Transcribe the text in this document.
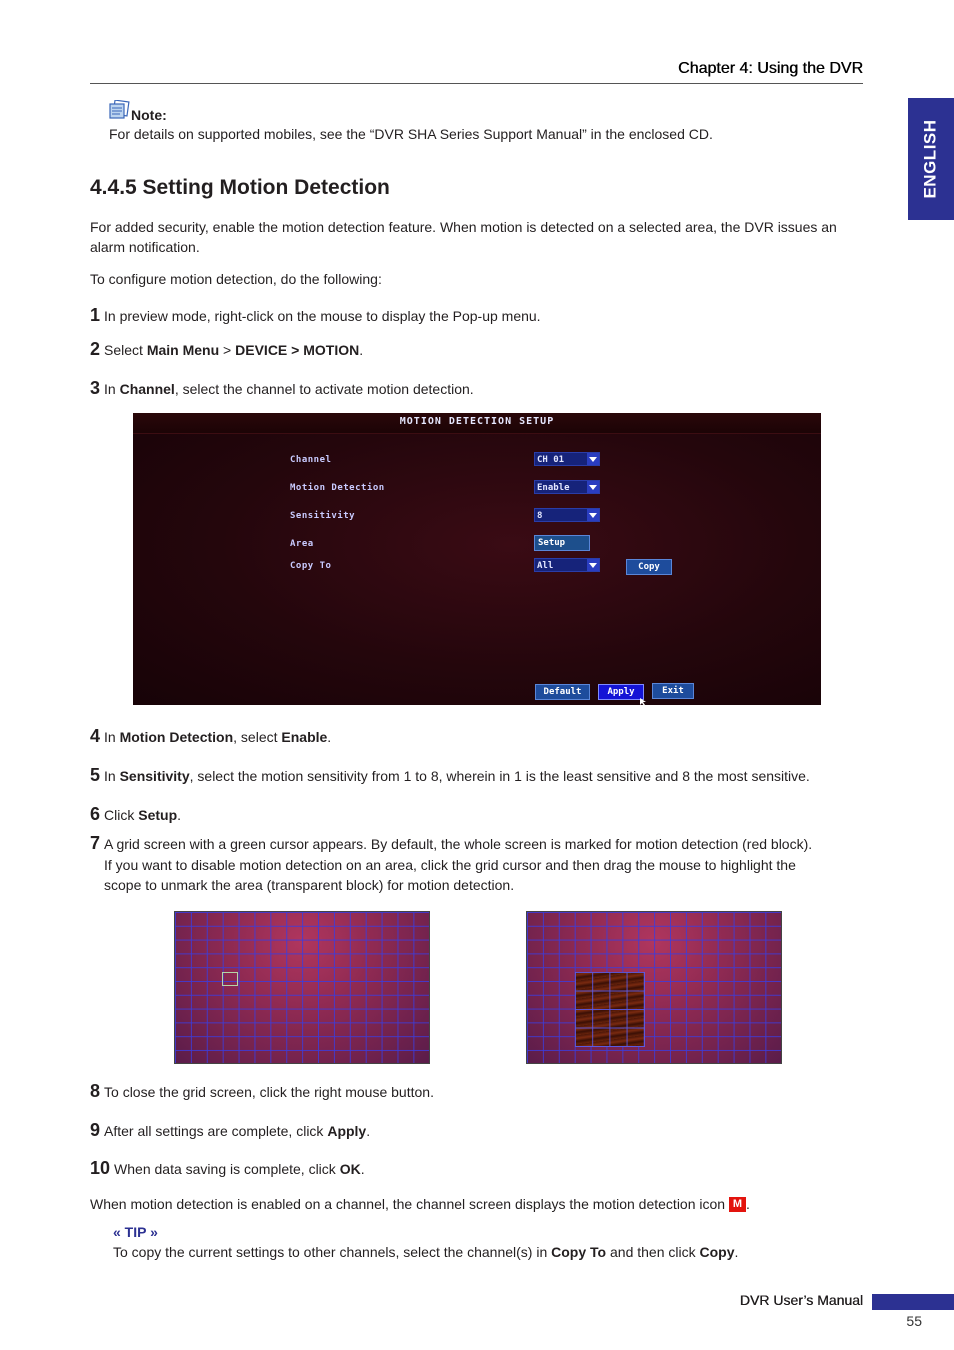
Chapter 4: Using the DVR
ENGLISH
Note:
For details on supported mobiles, see the “DVR SHA Series Support Manual” in the enclosed CD.
4.4.5 Setting Motion Detection
For added security, enable the motion detection feature. When motion is detected on a selected area, the DVR issues an alarm notification.
To configure motion detection, do the following:
1 In preview mode, right-click on the mouse to display the Pop-up menu.
2 Select Main Menu > DEVICE > MOTION.
3 In Channel, select the channel to activate motion detection.
MOTION DETECTION SETUP
Channel	CH 01
Motion Detection	Enable
Sensitivity	8
Area	Setup
Copy To	All	Copy
Default	Apply	Exit
4 In Motion Detection, select Enable.
5 In Sensitivity, select the motion sensitivity from 1 to 8, wherein in 1 is the least sensitive and 8 the most sensitive.
6 Click Setup.
7 A grid screen with a green cursor appears. By default, the whole screen is marked for motion detection (red block).
If you want to disable motion detection on an area, click the grid cursor and then drag the mouse to highlight the
scope to unmark the area (transparent block) for motion detection.
8 To close the grid screen, click the right mouse button.
9 After all settings are complete, click Apply.
10 When data saving is complete, click OK.
When motion detection is enabled on a channel, the channel screen displays the motion detection icon M .
« TIP »
To copy the current settings to other channels, select the channel(s) in Copy To and then click Copy.
DVR User’s Manual
55
